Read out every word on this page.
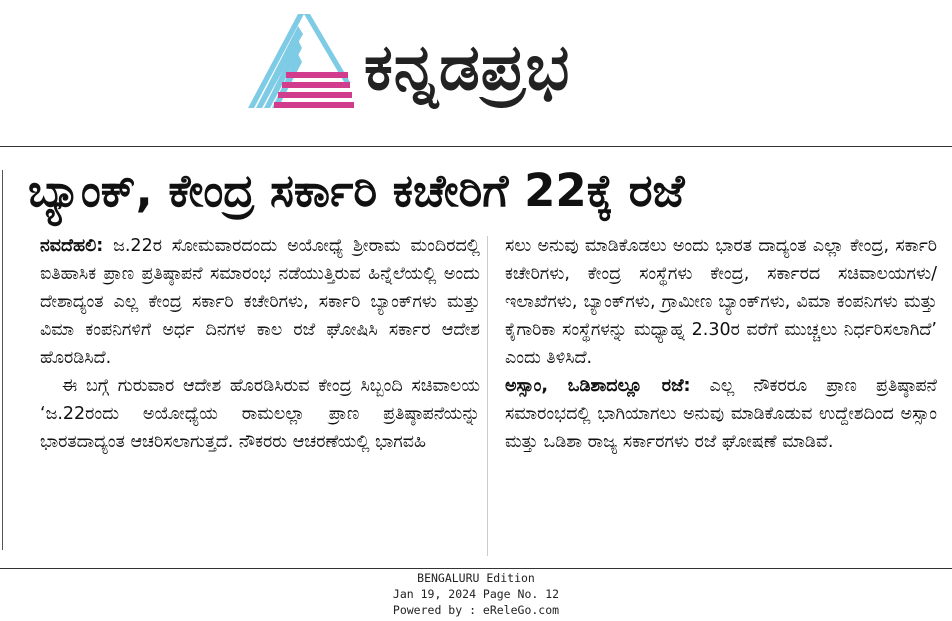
ಕನ್ನಡಪ್ರಭ
ಬ್ಯಾಂಕ್, ಕೇಂದ್ರ ಸರ್ಕಾರಿ ಕಚೇರಿಗೆ 22ಕ್ಕೆ ರಜೆ

ನವದೆಹಲಿ: ಜ.22ರ ಸೋಮವಾರದಂದು ಅಯೋಧ್ಯೆ ಶ್ರೀರಾಮ ಮಂದಿರದಲ್ಲಿ ಐತಿಹಾಸಿಕ ಪ್ರಾಣ ಪ್ರತಿಷ್ಠಾಪನೆ ಸಮಾರಂಭ ನಡೆಯುತ್ತಿರುವ ಹಿನ್ನೆಲೆಯಲ್ಲಿ ಅಂದು ದೇಶಾದ್ಯಂತ ಎಲ್ಲ ಕೇಂದ್ರ ಸರ್ಕಾರಿ ಕಚೇರಿಗಳು, ಸರ್ಕಾರಿ ಬ್ಯಾಂಕ್‌ಗಳು ಮತ್ತು ವಿಮಾ ಕಂಪನಿಗಳಿಗೆ ಅರ್ಧ ದಿನಗಳ ಕಾಲ ರಜೆ ಘೋಷಿಸಿ ಸರ್ಕಾರ ಆದೇಶ ಹೊರಡಿಸಿದೆ.

ಈ ಬಗ್ಗೆ ಗುರುವಾರ ಆದೇಶ ಹೊರಡಿಸಿರುವ ಕೇಂದ್ರ ಸಿಬ್ಬಂದಿ ಸಚಿವಾಲಯ ‘ಜ.22ರಂದು ಅಯೋಧ್ಯೆಯ ರಾಮಲಲ್ಲಾ ಪ್ರಾಣ ಪ್ರತಿಷ್ಠಾಪನೆಯನ್ನು ಭಾರತದಾದ್ಯಂತ ಆಚರಿಸಲಾಗುತ್ತದೆ. ನೌಕರರು ಆಚರಣೆಯಲ್ಲಿ ಭಾಗವಹಿ

ಸಲು ಅನುವು ಮಾಡಿಕೊಡಲು ಅಂದು ಭಾರತ ದಾದ್ಯಂತ ಎಲ್ಲಾ ಕೇಂದ್ರ, ಸರ್ಕಾರಿ ಕಚೇರಿಗಳು, ಕೇಂದ್ರ ಸಂಸ್ಥೆಗಳು ಕೇಂದ್ರ, ಸರ್ಕಾರದ ಸಚಿವಾಲಯಗಳು/ಇಲಾಖೆಗಳು, ಬ್ಯಾಂಕ್‌ಗಳು, ಗ್ರಾಮೀಣ ಬ್ಯಾಂಕ್‌ಗಳು, ವಿಮಾ ಕಂಪನಿಗಳು ಮತ್ತು ಕೈಗಾರಿಕಾ ಸಂಸ್ಥೆಗಳನ್ನು ಮಧ್ಯಾಹ್ನ 2.30ರ ವರೆಗೆ ಮುಚ್ಚಲು ನಿರ್ಧರಿಸಲಾಗಿದೆ’ ಎಂದು ತಿಳಿಸಿದೆ.

ಅಸ್ಸಾಂ, ಒಡಿಶಾದಲ್ಲೂ ರಜೆ: ಎಲ್ಲ ನೌಕರರೂ ಪ್ರಾಣ ಪ್ರತಿಷ್ಠಾಪನೆ ಸಮಾರಂಭದಲ್ಲಿ ಭಾಗಿಯಾಗಲು ಅನುವು ಮಾಡಿಕೊಡುವ ಉದ್ದೇಶದಿಂದ ಅಸ್ಸಾಂ ಮತ್ತು ಒಡಿಶಾ ರಾಜ್ಯ ಸರ್ಕಾರಗಳು ರಜೆ ಘೋಷಣೆ ಮಾಡಿವೆ.

BENGALURU Edition
Jan 19, 2024 Page No. 12
Powered by : eReleGo.com
